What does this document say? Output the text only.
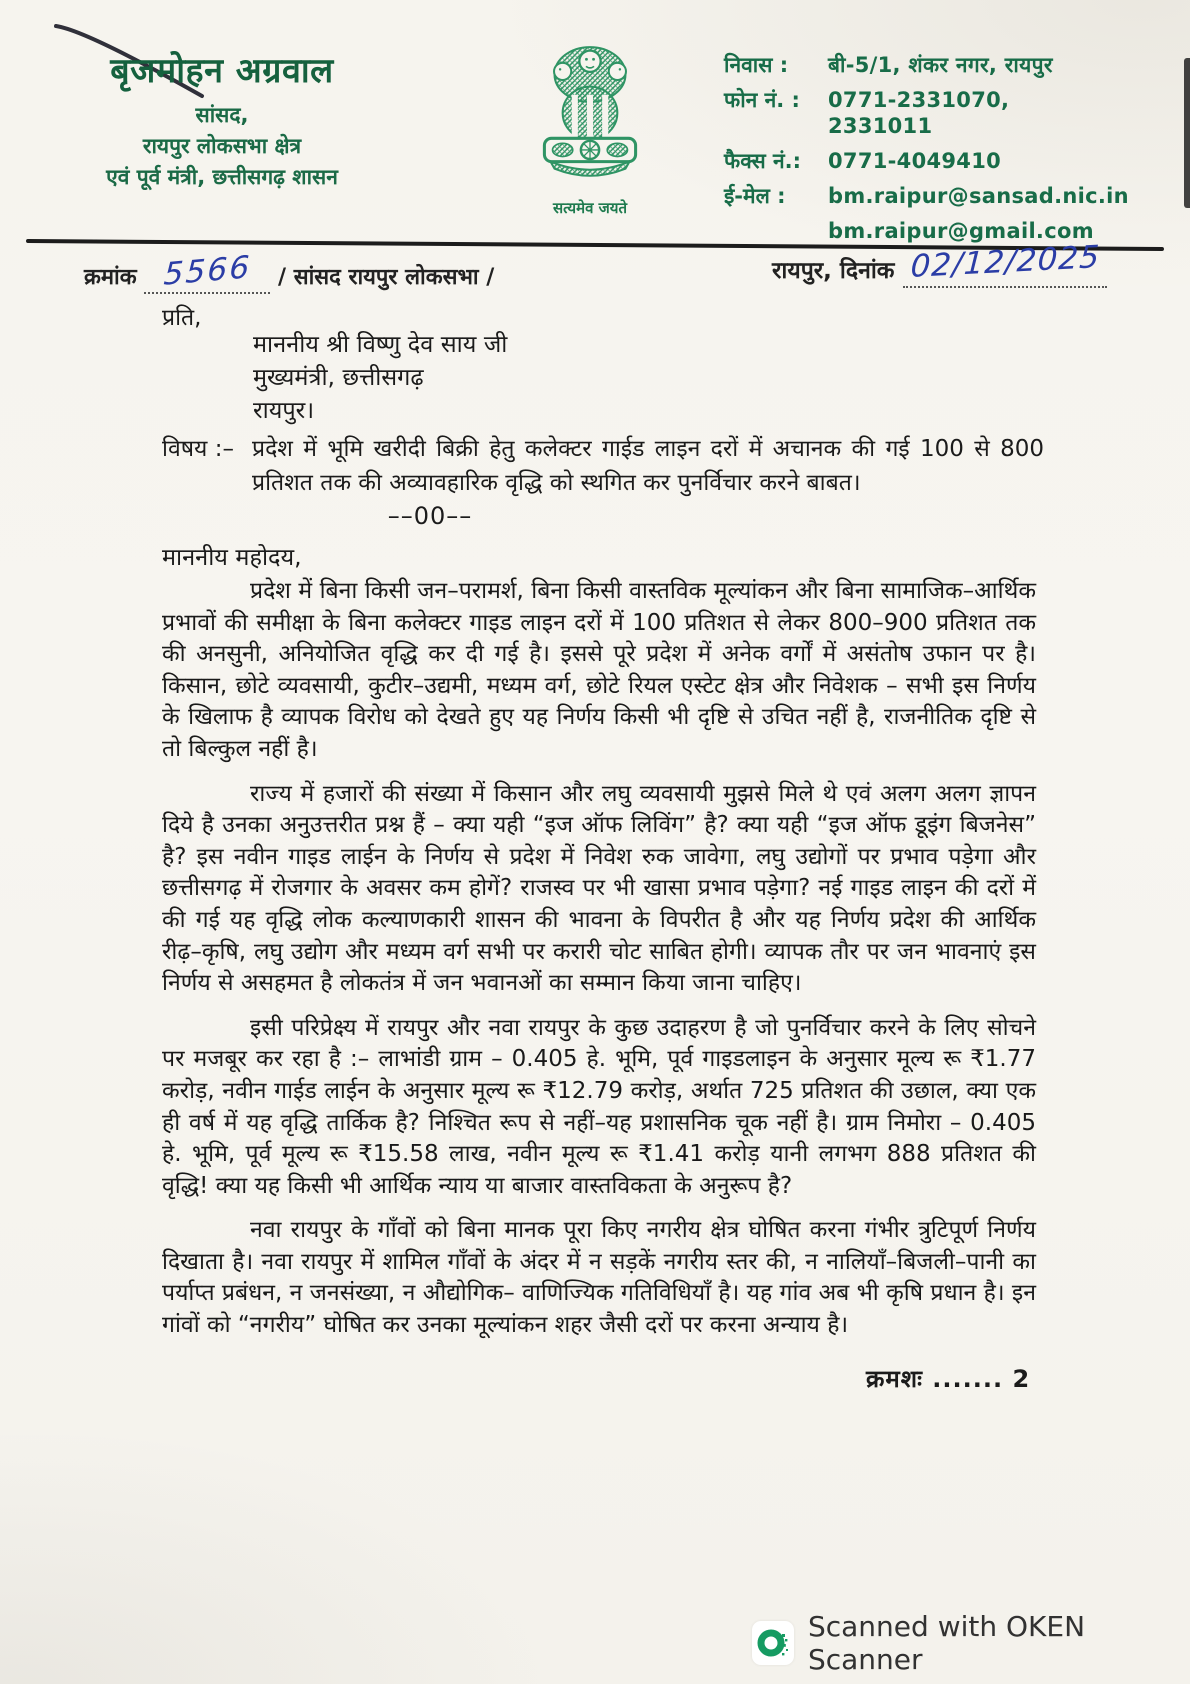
बृजमोहन अग्रवाल
सांसद,
रायपुर लोकसभा क्षेत्र
एवं पूर्व मंत्री, छत्तीसगढ़ शासन
सत्यमेव जयते
निवास :	बी-5/1, शंकर नगर, रायपुर
फोन नं. :	0771-2331070, 2331011
फैक्स नं.:	0771-4049410
ई-मेल :	bm.raipur@sansad.nic.in
bm.raipur@gmail.com
क्रमांक 5566 / सांसद रायपुर लोकसभा /	रायपुर, दिनांक 02/12/2025
प्रति,
माननीय श्री विष्णु देव साय जी
मुख्यमंत्री, छत्तीसगढ़
रायपुर।
विषय :– प्रदेश में भूमि खरीदी बिक्री हेतु कलेक्टर गाईड लाइन दरों में अचानक की गई 100 से 800 प्रतिशत तक की अव्यावहारिक वृद्धि को स्थगित कर पुनर्विचार करने बाबत।
––00––
माननीय महोदय,

प्रदेश में बिना किसी जन–परामर्श, बिना किसी वास्तविक मूल्यांकन और बिना सामाजिक–आर्थिक प्रभावों की समीक्षा के बिना कलेक्टर गाइड लाइन दरों में 100 प्रतिशत से लेकर 800–900 प्रतिशत तक की अनसुनी, अनियोजित वृद्धि कर दी गई है। इससे पूरे प्रदेश में अनेक वर्गों में असंतोष उफान पर है। किसान, छोटे व्यवसायी, कुटीर–उद्यमी, मध्यम वर्ग, छोटे रियल एस्टेट क्षेत्र और निवेशक – सभी इस निर्णय के खिलाफ है व्यापक विरोध को देखते हुए यह निर्णय किसी भी दृष्टि से उचित नहीं है, राजनीतिक दृष्टि से तो बिल्कुल नहीं है।

राज्य में हजारों की संख्या में किसान और लघु व्यवसायी मुझसे मिले थे एवं अलग अलग ज्ञापन दिये है उनका अनुउत्तरीत प्रश्न हैं – क्या यही “इज ऑफ लिविंग” है? क्या यही “इज ऑफ डूइंग बिजनेस” है? इस नवीन गाइड लाईन के निर्णय से प्रदेश में निवेश रुक जावेगा, लघु उद्योगों पर प्रभाव पड़ेगा और छत्तीसगढ़ में रोजगार के अवसर कम होगें? राजस्व पर भी खासा प्रभाव पड़ेगा? नई गाइड लाइन की दरों में की गई यह वृद्धि लोक कल्याणकारी शासन की भावना के विपरीत है और यह निर्णय प्रदेश की आर्थिक रीढ़–कृषि, लघु उद्योग और मध्यम वर्ग सभी पर करारी चोट साबित होगी। व्यापक तौर पर जन भावनाएं इस निर्णय से असहमत है लोकतंत्र में जन भवानओं का सम्मान किया जाना चाहिए।

इसी परिप्रेक्ष्य में रायपुर और नवा रायपुर के कुछ उदाहरण है जो पुनर्विचार करने के लिए सोचने पर मजबूर कर रहा है :– लाभांडी ग्राम – 0.405 हे. भूमि, पूर्व गाइडलाइन के अनुसार मूल्य रू ₹1.77 करोड़, नवीन गाईड लाईन के अनुसार मूल्य रू ₹12.79 करोड़, अर्थात 725 प्रतिशत की उछाल, क्या एक ही वर्ष में यह वृद्धि तार्किक है? निश्चित रूप से नहीं–यह प्रशासनिक चूक नहीं है। ग्राम निमोरा – 0.405 हे. भूमि, पूर्व मूल्य रू ₹15.58 लाख, नवीन मूल्य रू ₹1.41 करोड़ यानी लगभग 888 प्रतिशत की वृद्धि! क्या यह किसी भी आर्थिक न्याय या बाजार वास्तविकता के अनुरूप है?

नवा रायपुर के गाँवों को बिना मानक पूरा किए नगरीय क्षेत्र घोषित करना गंभीर त्रुटिपूर्ण निर्णय दिखाता है। नवा रायपुर में शामिल गाँवों के अंदर में न सड़कें नगरीय स्तर की, न नालियाँ–बिजली–पानी का पर्याप्त प्रबंधन, न जनसंख्या, न औद्योगिक– वाणिज्यिक गतिविधियाँ है। यह गांव अब भी कृषि प्रधान है। इन गांवों को “नगरीय” घोषित कर उनका मूल्यांकन शहर जैसी दरों पर करना अन्याय है।

क्रमशः ....... 2
Scanned with OKEN Scanner
